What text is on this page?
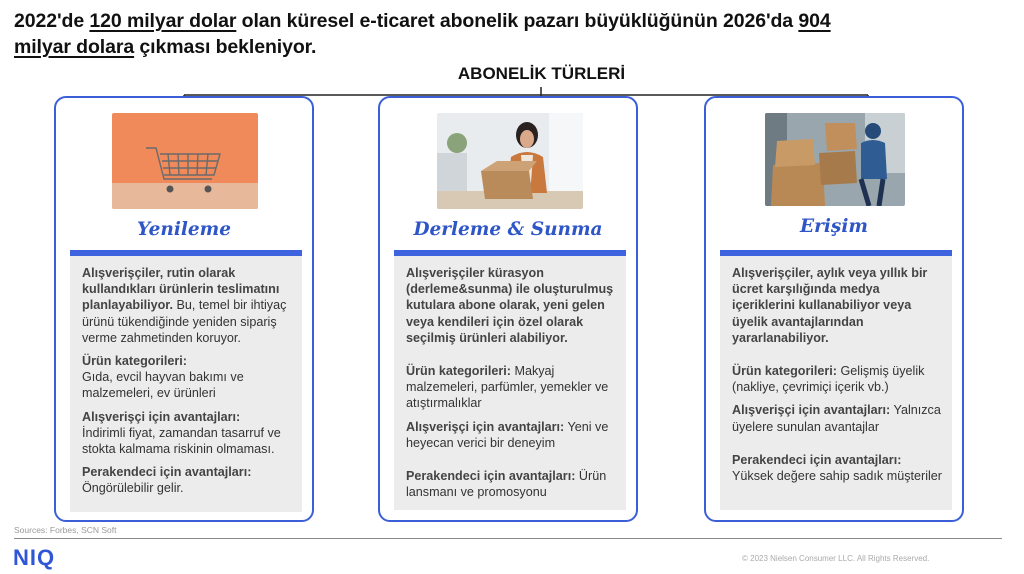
2022'de 120 milyar dolar olan küresel e-ticaret abonelik pazarı büyüklüğünün 2026'da 904
milyar dolara çıkması bekleniyor.
ABONELİK TÜRLERİ
Yenileme

Alışverişçiler, rutin olarak kullandıkları ürünlerin teslimatını planlayabiliyor. Bu, temel bir ihtiyaç ürünü tükendiğinde yeniden sipariş verme zahmetinden koruyor.

Ürün kategorileri:
Gıda, evcil hayvan bakımı ve malzemeleri, ev ürünleri

Alışverişçi için avantajları:
İndirimli fiyat, zamandan tasarruf ve stokta kalmama riskinin olmaması.

Perakendeci için avantajları:
Öngörülebilir gelir.

Derleme & Sunma

Alışverişçiler kürasyon (derleme&sunma) ile oluşturulmuş kutulara abone olarak, yeni gelen veya kendileri için özel olarak seçilmiş ürünleri alabiliyor.

Ürün kategorileri: Makyaj malzemeleri, parfümler, yemekler ve atıştırmalıklar

Alışverişçi için avantajları: Yeni ve heyecan verici bir deneyim

Perakendeci için avantajları: Ürün lansmanı ve promosyonu

Erişim

Alışverişçiler, aylık veya yıllık bir ücret karşılığında medya içeriklerini kullanabiliyor veya üyelik avantajlarından yararlanabiliyor.

Ürün kategorileri: Gelişmiş üyelik (nakliye, çevrimiçi içerik vb.)

Alışverişçi için avantajları: Yalnızca üyelere sunulan avantajlar

Perakendeci için avantajları: Yüksek değere sahip sadık müşteriler

Sources: Forbes, SCN Soft
NIQ	© 2023 Nielsen Consumer LLC. All Rights Reserved.
